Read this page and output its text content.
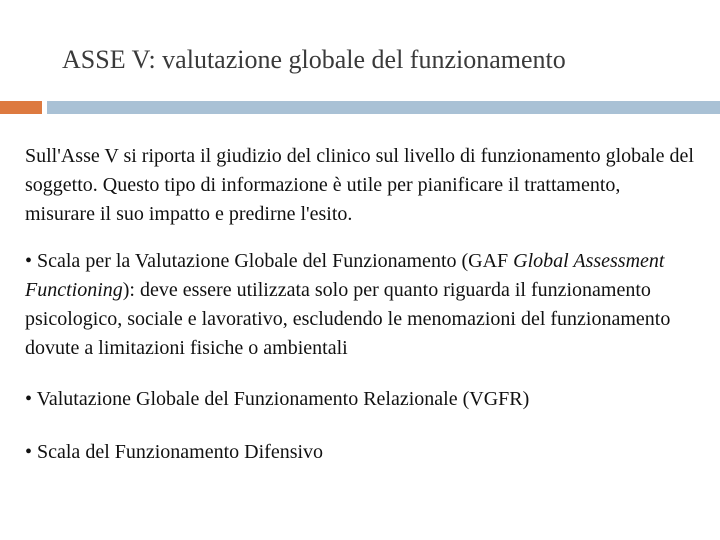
ASSE V: valutazione globale del funzionamento

Sull'Asse V si riporta il giudizio del clinico sul livello di funzionamento globale del soggetto. Questo tipo di informazione è utile per pianificare il trattamento, misurare il suo impatto e predirne l'esito.

• Scala per la Valutazione Globale del Funzionamento (GAF Global Assessment Functioning): deve essere utilizzata solo per quanto riguarda il funzionamento psicologico, sociale e lavorativo, escludendo le menomazioni del funzionamento dovute a limitazioni fisiche o ambientali

• Valutazione Globale del Funzionamento Relazionale (VGFR)

• Scala del Funzionamento Difensivo
